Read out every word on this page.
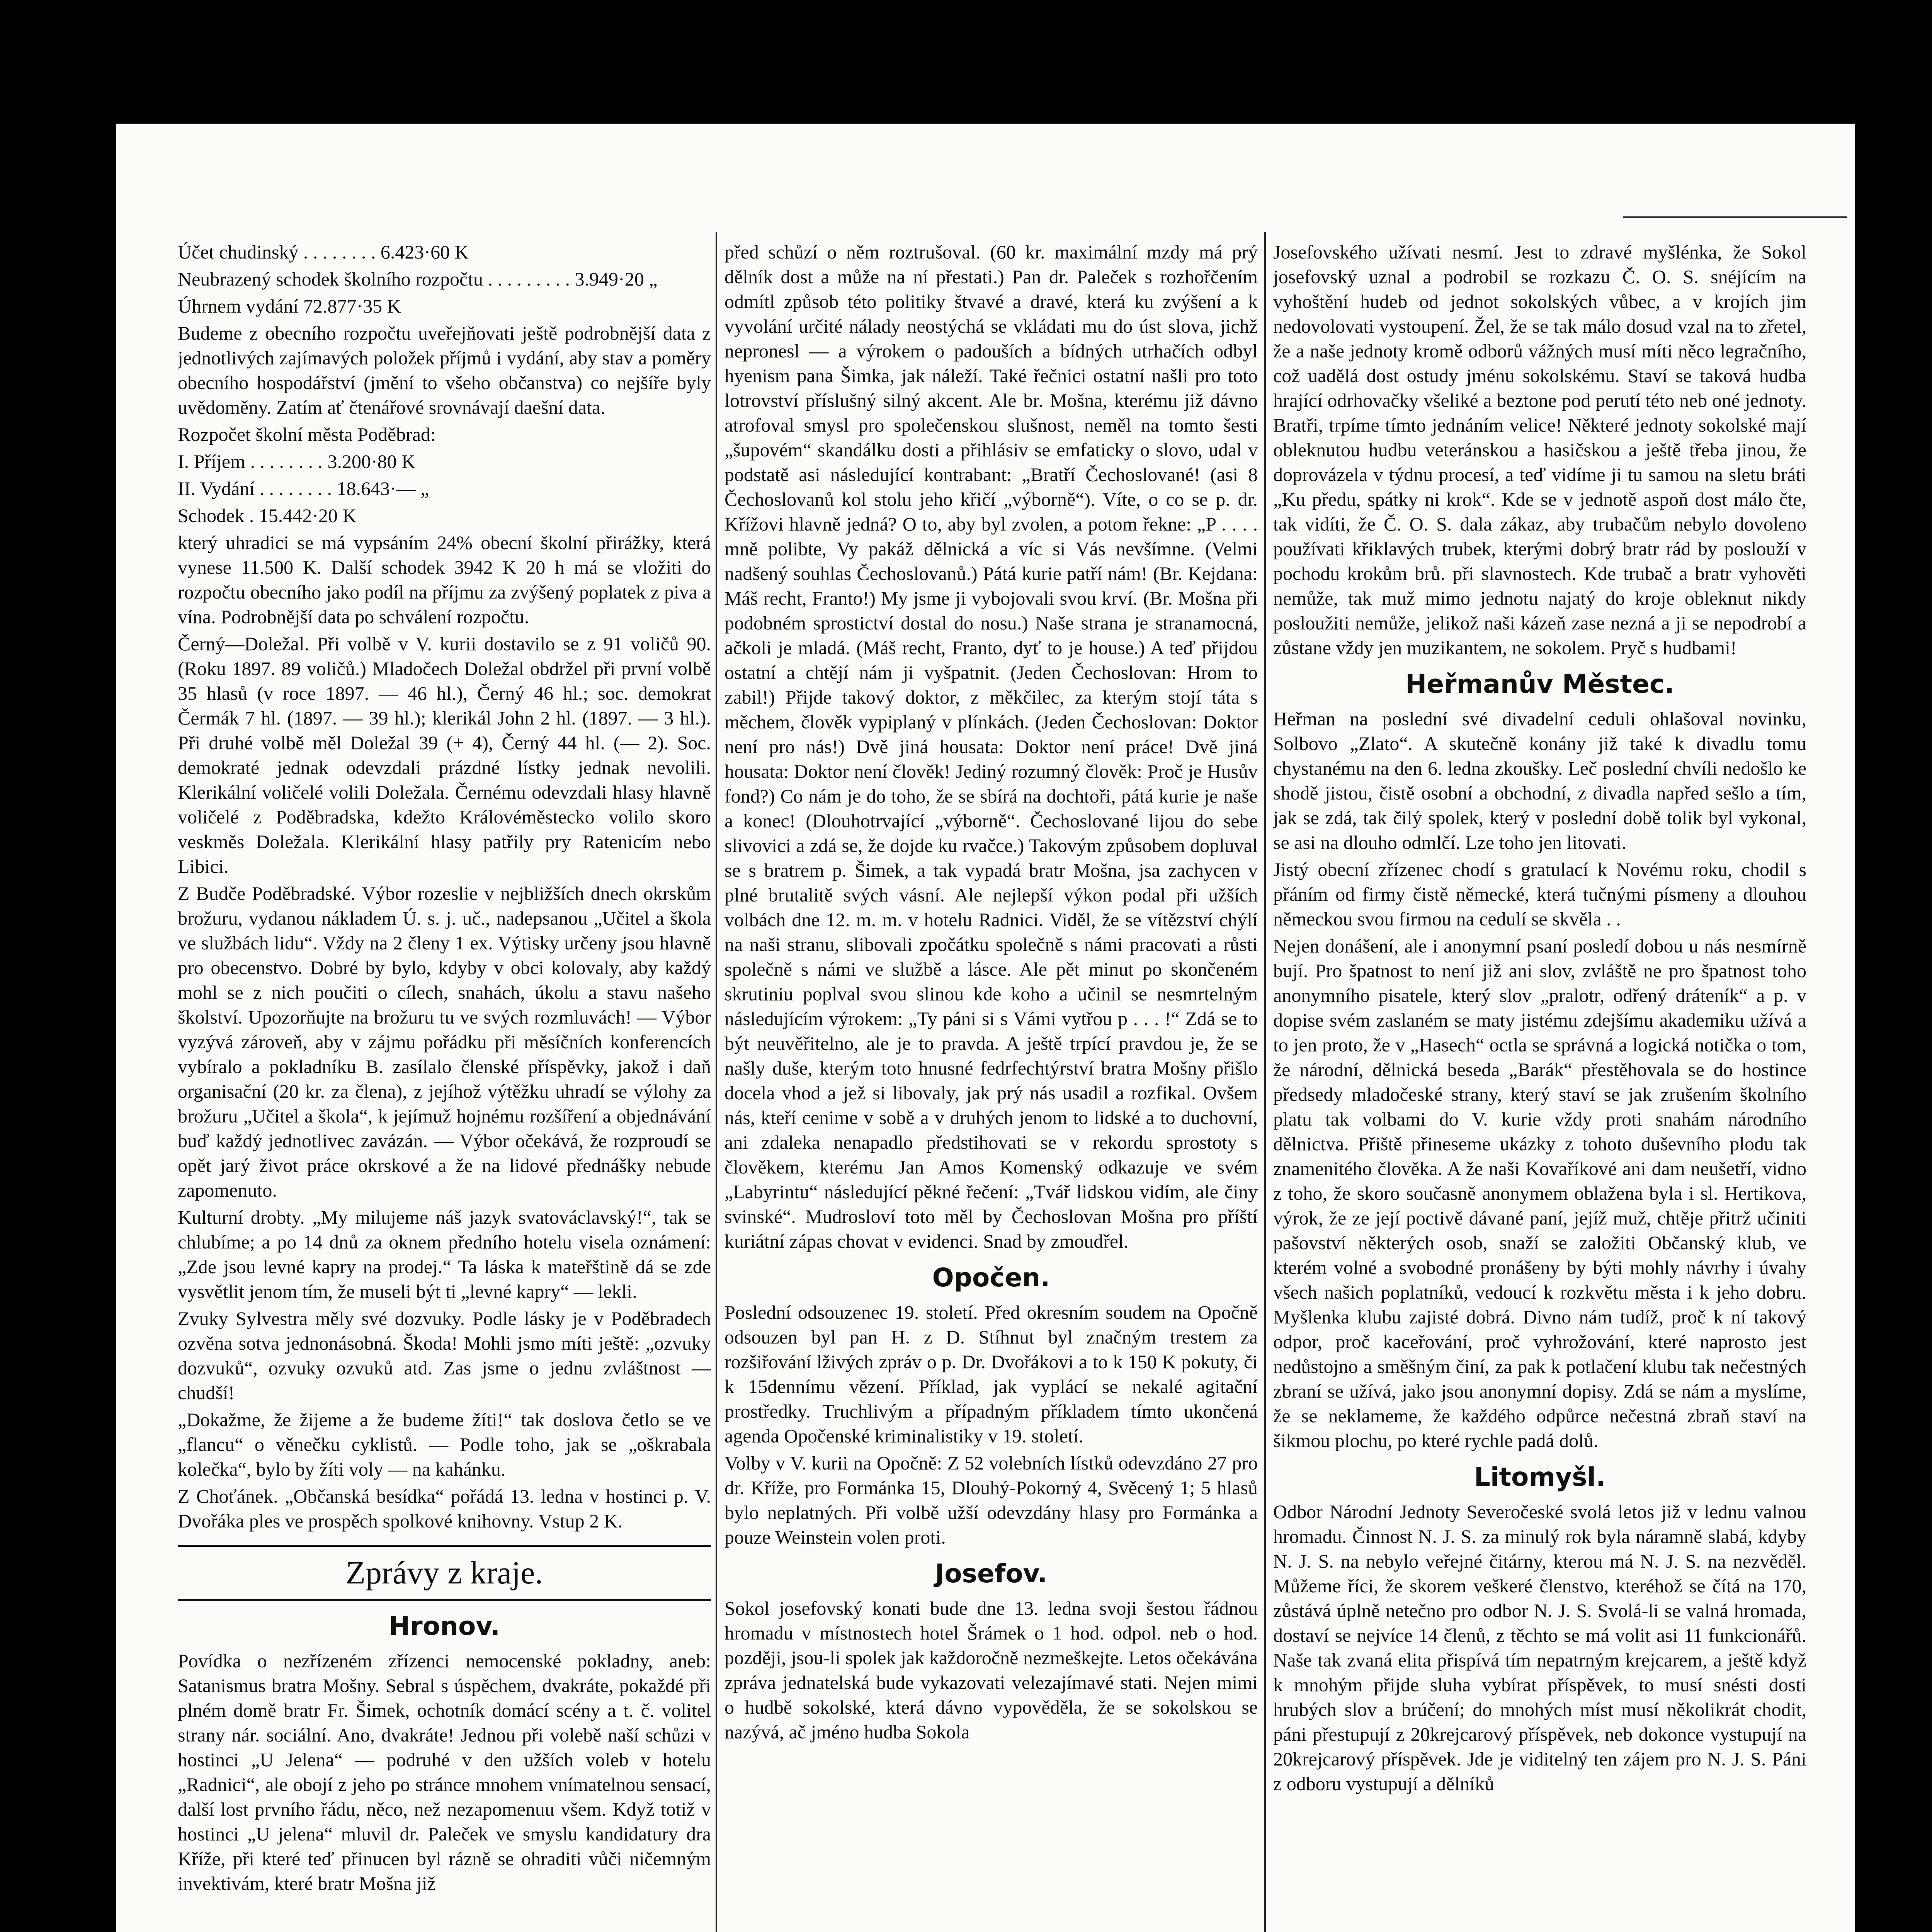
Účet chudinský . . . . . . . . 6.423·60 K
Neubrazený schodek školního rozpočtu . . . . . . . . . 3.949·20 „
Úhrnem vydání 72.877·35 K
Budeme z obecního rozpočtu uveřejňovati ještě podrobnější data z jednotlivých zajímavých položek příjmů i vydání, aby stav a poměry obecního hospodářství (jmění to všeho občanstva) co nejšíře byly uvědoměny. Zatím ať čtenářové srovnávají daešní data.
Rozpočet školní města Poděbrad:
I. Příjem . . . . . . . . 3.200·80 K
II. Vydání . . . . . . . . 18.643·— „
Schodek . 15.442·20 K
který uhradici se má vypsáním 24% obecní školní přirážky, která vynese 11.500 K. Další schodek 3942 K 20 h má se vložiti do rozpočtu obecního jako podíl na příjmu za zvýšený poplatek z piva a vína. Podrobnější data po schválení rozpočtu.
Černý—Doležal. Při volbě v V. kurii dostavilo se z 91 voličů 90. (Roku 1897. 89 voličů.) Mladočech Doležal obdržel při první volbě 35 hlasů (v roce 1897. — 46 hl.), Černý 46 hl.; soc. demokrat Čermák 7 hl. (1897. — 39 hl.); klerikál John 2 hl. (1897. — 3 hl.). Při druhé volbě měl Doležal 39 (+ 4), Černý 44 hl. (— 2). Soc. demokraté jednak odevzdali prázdné lístky jednak nevolili. Klerikální voličelé volili Doležala. Černému odevzdali hlasy hlavně voličelé z Poděbradska, kdežto Královéměstecko volilo skoro veskměs Doležala. Klerikální hlasy patřily pry Ratenicím nebo Libici.
Z Budče Poděbradské. Výbor rozeslie v nejbližších dnech okrskům brožuru, vydanou nákladem Ú. s. j. uč., nadepsanou „Učitel a škola ve službách lidu“. Vždy na 2 členy 1 ex. Výtisky určeny jsou hlavně pro obecenstvo. Dobré by bylo, kdyby v obci kolovaly, aby každý mohl se z nich poučiti o cílech, snahách, úkolu a stavu našeho školství. Upozorňujte na brožuru tu ve svých rozmluvách! — Výbor vyzývá zároveň, aby v zájmu pořádku při měsíčních konferencích vybíralo a pokladníku B. zasílalo členské příspěvky, jakož i daň organisační (20 kr. za člena), z jejíhož výtěžku uhradí se výlohy za brožuru „Učitel a škola“, k jejímuž hojnému rozšíření a objednávání buď každý jednotlivec zavázán. — Výbor očekává, že rozproudí se opět jarý život práce okrskové a že na lidové přednášky nebude zapomenuto.
Kulturní drobty. „My milujeme náš jazyk svatováclavský!“, tak se chlubíme; a po 14 dnů za oknem předního hotelu visela oznámení: „Zde jsou levné kapry na prodej.“ Ta láska k mateřštině dá se zde vysvětlit jenom tím, že museli být ti „levné kapry“ — lekli.
Zvuky Sylvestra měly své dozvuky. Podle lásky je v Poděbradech ozvěna sotva jednonásobná. Škoda! Mohli jsmo míti ještě: „ozvuky dozvuků“, ozvuky ozvuků atd. Zas jsme o jednu zvláštnost — chudší!
„Dokažme, že žijeme a že budeme žíti!“ tak doslova četlo se ve „flancu“ o věnečku cyklistů. — Podle toho, jak se „oškrabala kolečka“, bylo by žíti voly — na kahánku.
Z Choťánek. „Občanská besídka“ pořádá 13. ledna v hostinci p. V. Dvořáka ples ve prospěch spolkové knihovny. Vstup 2 K.
Zprávy z kraje.
Hronov.
Povídka o nezřízeném zřízenci nemocenské pokladny, aneb: Satanismus bratra Mošny. Sebral s úspěchem, dvakráte, pokaždé při plném domě bratr Fr. Šimek, ochotník domácí scény a t. č. volitel strany nár. sociální. Ano, dvakráte! Jednou při volebě naší schůzi v hostinci „U Jelena“ — podruhé v den užších voleb v hotelu „Radnici“, ale obojí z jeho po stránce mnohem vnímatelnou sensací, další lost prvního řádu, něco, než nezapomenuu všem. Když totiž v hostinci „U jelena“ mluvil dr. Paleček ve smyslu kandidatury dra Kříže, při které teď přinucen byl rázně se ohraditi vůči ničemným invektivám, které bratr Mošna již
před schůzí o něm roztrušoval. (60 kr. maximální mzdy má prý dělník dost a může na ní přestati.) Pan dr. Paleček s rozhořčením odmítl způsob této politiky štvavé a dravé, která ku zvýšení a k vyvolání určité nálady neostýchá se vkládati mu do úst slova, jichž nepronesl — a výrokem o padouších a bídných utrhačích odbyl hyenism pana Šimka, jak náleží. Také řečnici ostatní našli pro toto lotrovství příslušný silný akcent. Ale br. Mošna, kterému již dávno atrofoval smysl pro společenskou slušnost, neměl na tomto šesti „šupovém“ skandálku dosti a přihlásiv se emfaticky o slovo, udal v podstatě asi následující kontrabant: „Bratří Čechoslované! (asi 8 Čechoslovanů kol stolu jeho křičí „výborně“). Víte, o co se p. dr. Křížovi hlavně jedná? O to, aby byl zvolen, a potom řekne: „P . . . . mně polibte, Vy pakáž dělnická a víc si Vás nevšímne. (Velmi nadšený souhlas Čechoslovanů.) Pátá kurie patří nám! (Br. Kejdana: Máš recht, Franto!) My jsme ji vybojovali svou krví. (Br. Mošna při podobném sprostictví dostal do nosu.) Naše strana je stranamocná, ačkoli je mladá. (Máš recht, Franto, dyť to je house.) A teď přijdou ostatní a chtějí nám ji vyšpatnit. (Jeden Čechoslovan: Hrom to zabil!) Přijde takový doktor, z měkčilec, za kterým stojí táta s měchem, člověk vypiplaný v plínkách. (Jeden Čechoslovan: Doktor není pro nás!) Dvě jiná housata: Doktor není práce! Dvě jiná housata: Doktor není člověk! Jediný rozumný člověk: Proč je Husův fond?) Co nám je do toho, že se sbírá na dochtoři, pátá kurie je naše a konec! (Dlouhotrvající „výborně“. Čechoslované lijou do sebe slivovici a zdá se, že dojde ku rvačce.) Takovým způsobem dopluval se s bratrem p. Šimek, a tak vypadá bratr Mošna, jsa zachycen v plné brutalitě svých vásní. Ale nejlepší výkon podal při užších volbách dne 12. m. m. v hotelu Radnici. Viděl, že se vítězství chýlí na naši stranu, slibovali zpočátku společně s námi pracovati a růsti společně s námi ve službě a lásce. Ale pět minut po skončeném skrutiniu poplval svou slinou kde koho a učinil se nesmrtelným následujícím výrokem: „Ty páni si s Vámi vytřou p . . . !“ Zdá se to být neuvěřitelno, ale je to pravda. A ještě trpící pravdou je, že se našly duše, kterým toto hnusné fedrfechtýrství bratra Mošny přišlo docela vhod a jež si libovaly, jak prý nás usadil a rozfikal. Ovšem nás, kteří cenime v sobě a v druhých jenom to lidské a to duchovní, ani zdaleka nenapadlo předstihovati se v rekordu sprostoty s člověkem, kterému Jan Amos Komenský odkazuje ve svém „Labyrintu“ následující pěkné řečení: „Tvář lidskou vidím, ale činy svinské“. Mudrosloví toto měl by Čechoslovan Mošna pro příští kuriátní zápas chovat v evidenci. Snad by zmoudřel.
Opočen.
Poslední odsouzenec 19. století. Před okresním soudem na Opočně odsouzen byl pan H. z D. Stíhnut byl značným trestem za rozšiřování lživých zpráv o p. Dr. Dvořákovi a to k 150 K pokuty, či k 15dennímu vězení. Příklad, jak vyplácí se nekalé agitační prostředky. Truchlivým a případným příkladem tímto ukončená agenda Opočenské kriminalistiky v 19. století.
Volby v V. kurii na Opočně: Z 52 volebních lístků odevzdáno 27 pro dr. Kříže, pro Formánka 15, Dlouhý-Pokorný 4, Svěcený 1; 5 hlasů bylo neplatných. Při volbě užší odevzdány hlasy pro Formánka a pouze Weinstein volen proti.
Josefov.
Sokol josefovský konati bude dne 13. ledna svoji šestou řádnou hromadu v místnostech hotel Šrámek o 1 hod. odpol. neb o hod. později, jsou-li spolek jak každoročně nezmeškejte. Letos očekávána zpráva jednatelská bude vykazovati velezajímavé stati. Nejen mimi o hudbě sokolské, která dávno vypověděla, že se sokolskou se nazývá, ač jméno hudba Sokola
Josefovského užívati nesmí. Jest to zdravé myšlénka, že Sokol josefovský uznal a podrobil se rozkazu Č. O. S. snéjícím na vyhoštění hudeb od jednot sokolských vůbec, a v krojích jim nedovolovati vystoupení. Žel, že se tak málo dosud vzal na to zřetel, že a naše jednoty kromě odborů vážných musí míti něco legračního, což uadělá dost ostudy jménu sokolskému. Staví se taková hudba hrající odrhovačky všeliké a beztone pod perutí této neb oné jednoty. Bratři, trpíme tímto jednáním velice! Některé jednoty sokolské mají obleknutou hudbu veteránskou a hasičskou a ještě třeba jinou, že doprovázela v týdnu procesí, a teď vidíme ji tu samou na sletu bráti „Ku předu, spátky ni krok“. Kde se v jednotě aspoň dost málo čte, tak vidíti, že Č. O. S. dala zákaz, aby trubačům nebylo dovoleno používati křiklavých trubek, kterými dobrý bratr rád by poslouží v pochodu krokům brů. při slavnostech. Kde trubač a bratr vyhověti nemůže, tak muž mimo jednotu najatý do kroje obleknut nikdy posloužiti nemůže, jelikož naši kázeň zase nezná a ji se nepodrobí a zůstane vždy jen muzikantem, ne sokolem. Pryč s hudbami!
Heřmanův Městec.
Heřman na poslední své divadelní ceduli ohlašoval novinku, Solbovo „Zlato“. A skutečně konány již také k divadlu tomu chystanému na den 6. ledna zkoušky. Leč poslední chvíli nedošlo ke shodě jistou, čistě osobní a obchodní, z divadla napřed sešlo a tím, jak se zdá, tak čilý spolek, který v poslední době tolik byl vykonal, se asi na dlouho odmlčí. Lze toho jen litovati.
Jistý obecní zřízenec chodí s gratulací k Novému roku, chodil s přáním od firmy čistě německé, která tučnými písmeny a dlouhou německou svou firmou na cedulí se skvěla . .
Nejen donášení, ale i anonymní psaní posledí dobou u nás nesmírně bují. Pro špatnost to není již ani slov, zvláště ne pro špatnost toho anonymního pisatele, který slov „pralotr, odřený dráteník“ a p. v dopise svém zaslaném se maty jistému zdejšímu akademiku užívá a to jen proto, že v „Hasech“ octla se správná a logická notička o tom, že národní, dělnická beseda „Barák“ přestěhovala se do hostince předsedy mladočeské strany, který staví se jak zrušením školního platu tak volbami do V. kurie vždy proti snahám národního dělnictva. Přiště přineseme ukázky z tohoto duševního plodu tak znamenitého člověka. A že naši Kovaříkové ani dam neušetří, vidno z toho, že skoro současně anonymem oblažena byla i sl. Hertikova, výrok, že ze její poctivě dávané paní, jejíž muž, chtěje přitrž učiniti pašovství některých osob, snaží se založiti Občanský klub, ve kterém volné a svobodné pronášeny by býti mohly návrhy i úvahy všech našich poplatníků, vedoucí k rozkvětu města i k jeho dobru. Myšlenka klubu zajisté dobrá. Divno nám tudíž, proč k ní takový odpor, proč kaceřování, proč vyhrožování, které naprosto jest nedůstojno a směšným činí, za pak k potlačení klubu tak nečestných zbraní se užívá, jako jsou anonymní dopisy. Zdá se nám a myslíme, že se neklameme, že každého odpůrce nečestná zbraň staví na šikmou plochu, po které rychle padá dolů.
Litomyšl.
Odbor Národní Jednoty Severočeské svolá letos již v lednu valnou hromadu. Činnost N. J. S. za minulý rok byla náramně slabá, kdyby N. J. S. na nebylo veřejné čitárny, kterou má N. J. S. na nezvěděl. Můžeme říci, že skorem veškeré členstvo, kteréhož se čítá na 170, zůstává úplně netečno pro odbor N. J. S. Svolá-li se valná hromada, dostaví se nejvíce 14 členů, z těchto se má volit asi 11 funkcionářů. Naše tak zvaná elita přispívá tím nepatrným krejcarem, a ještě když k mnohým přijde sluha vybírat příspěvek, to musí snésti dosti hrubých slov a brúčení; do mnohých míst musí několikrát chodit, páni přestupují z 20krejcarový příspěvek, neb dokonce vystupují na 20krejcarový příspěvek. Jde je viditelný ten zájem pro N. J. S. Páni z odboru vystupují a dělníků
